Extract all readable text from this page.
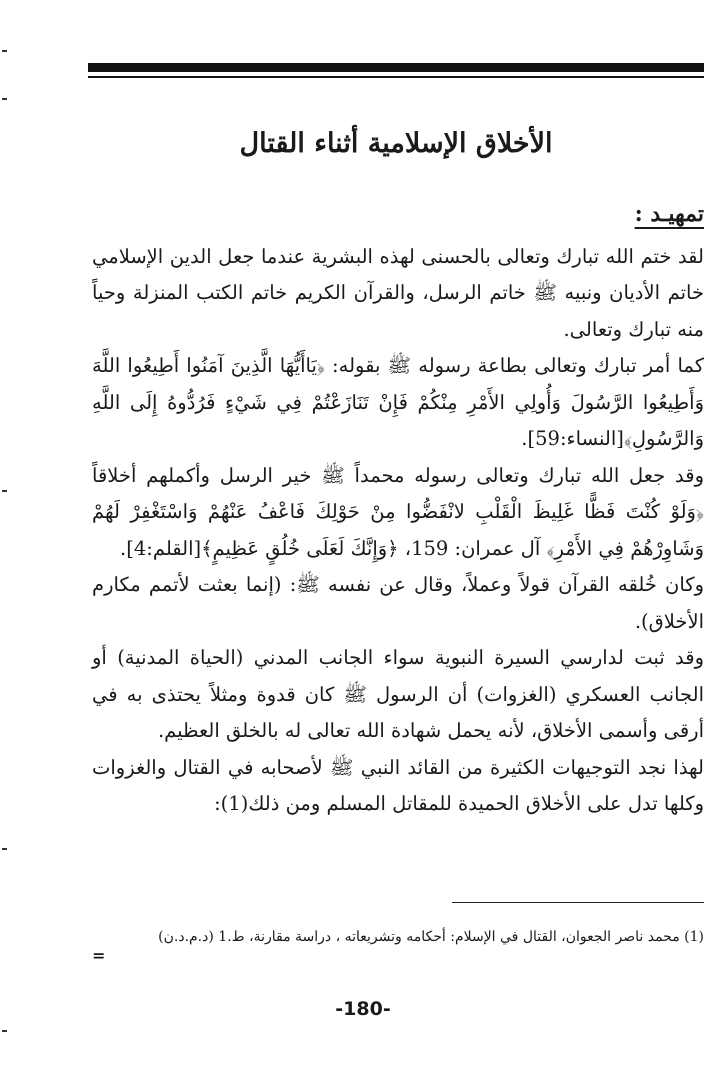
الأخلاق الإسلامية أثناء القتال

تمهيـد :

لقد ختم الله تبارك وتعالى بالحسنى لهذه البشرية عندما جعل الدين الإسلامي خاتم الأديان ونبيه ﷺ خاتم الرسل، والقرآن الكريم خاتم الكتب المنزلة وحياً منه تبارك وتعالى.

كما أمر تبارك وتعالى بطاعة رسوله ﷺ بقوله: ﴿يَاأَيُّهَا الَّذِينَ آمَنُوا أَطِيعُوا اللَّهَ وَأَطِيعُوا الرَّسُولَ وَأُولِي الأَمْرِ مِنْكُمْ فَإِنْ تَنَازَعْتُمْ فِي شَيْءٍ فَرُدُّوهُ إِلَى اللَّهِ وَالرَّسُولِ﴾[النساء:59].

وقد جعل الله تبارك وتعالى رسوله محمداً ﷺ خير الرسل وأكملهم أخلاقاً ﴿وَلَوْ كُنْتَ فَظًّا غَلِيظَ الْقَلْبِ لانْفَضُّوا مِنْ حَوْلِكَ فَاعْفُ عَنْهُمْ وَاسْتَغْفِرْ لَهُمْ وَشَاوِرْهُمْ فِي الأَمْرِ﴾ آل عمران: 159، ﴿وَإِنَّكَ لَعَلَى خُلُقٍ عَظِيمٍ﴾[القلم:4].

وكان خُلقه القرآن قولاً وعملاً، وقال عن نفسه ﷺ: (إنما بعثت لأتمم مكارم الأخلاق).

وقد ثبت لدارسي السيرة النبوية سواء الجانب المدني (الحياة المدنية) أو الجانب العسكري (الغزوات) أن الرسول ﷺ كان قدوة ومثلاً يحتذى به في أرقى وأسمى الأخلاق، لأنه يحمل شهادة الله تعالى له بالخلق العظيم.

لهذا نجد التوجيهات الكثيرة من القائد النبي ﷺ لأصحابه في القتال والغزوات وكلها تدل على الأخلاق الحميدة للمقاتل المسلم ومن ذلك(1):

(1) محمد ناصر الجعوان، القتال في الإسلام: أحكامه وتشريعاته ، دراسة مقارنة، ط.1 (د.م.د.ن)
=
-180-
